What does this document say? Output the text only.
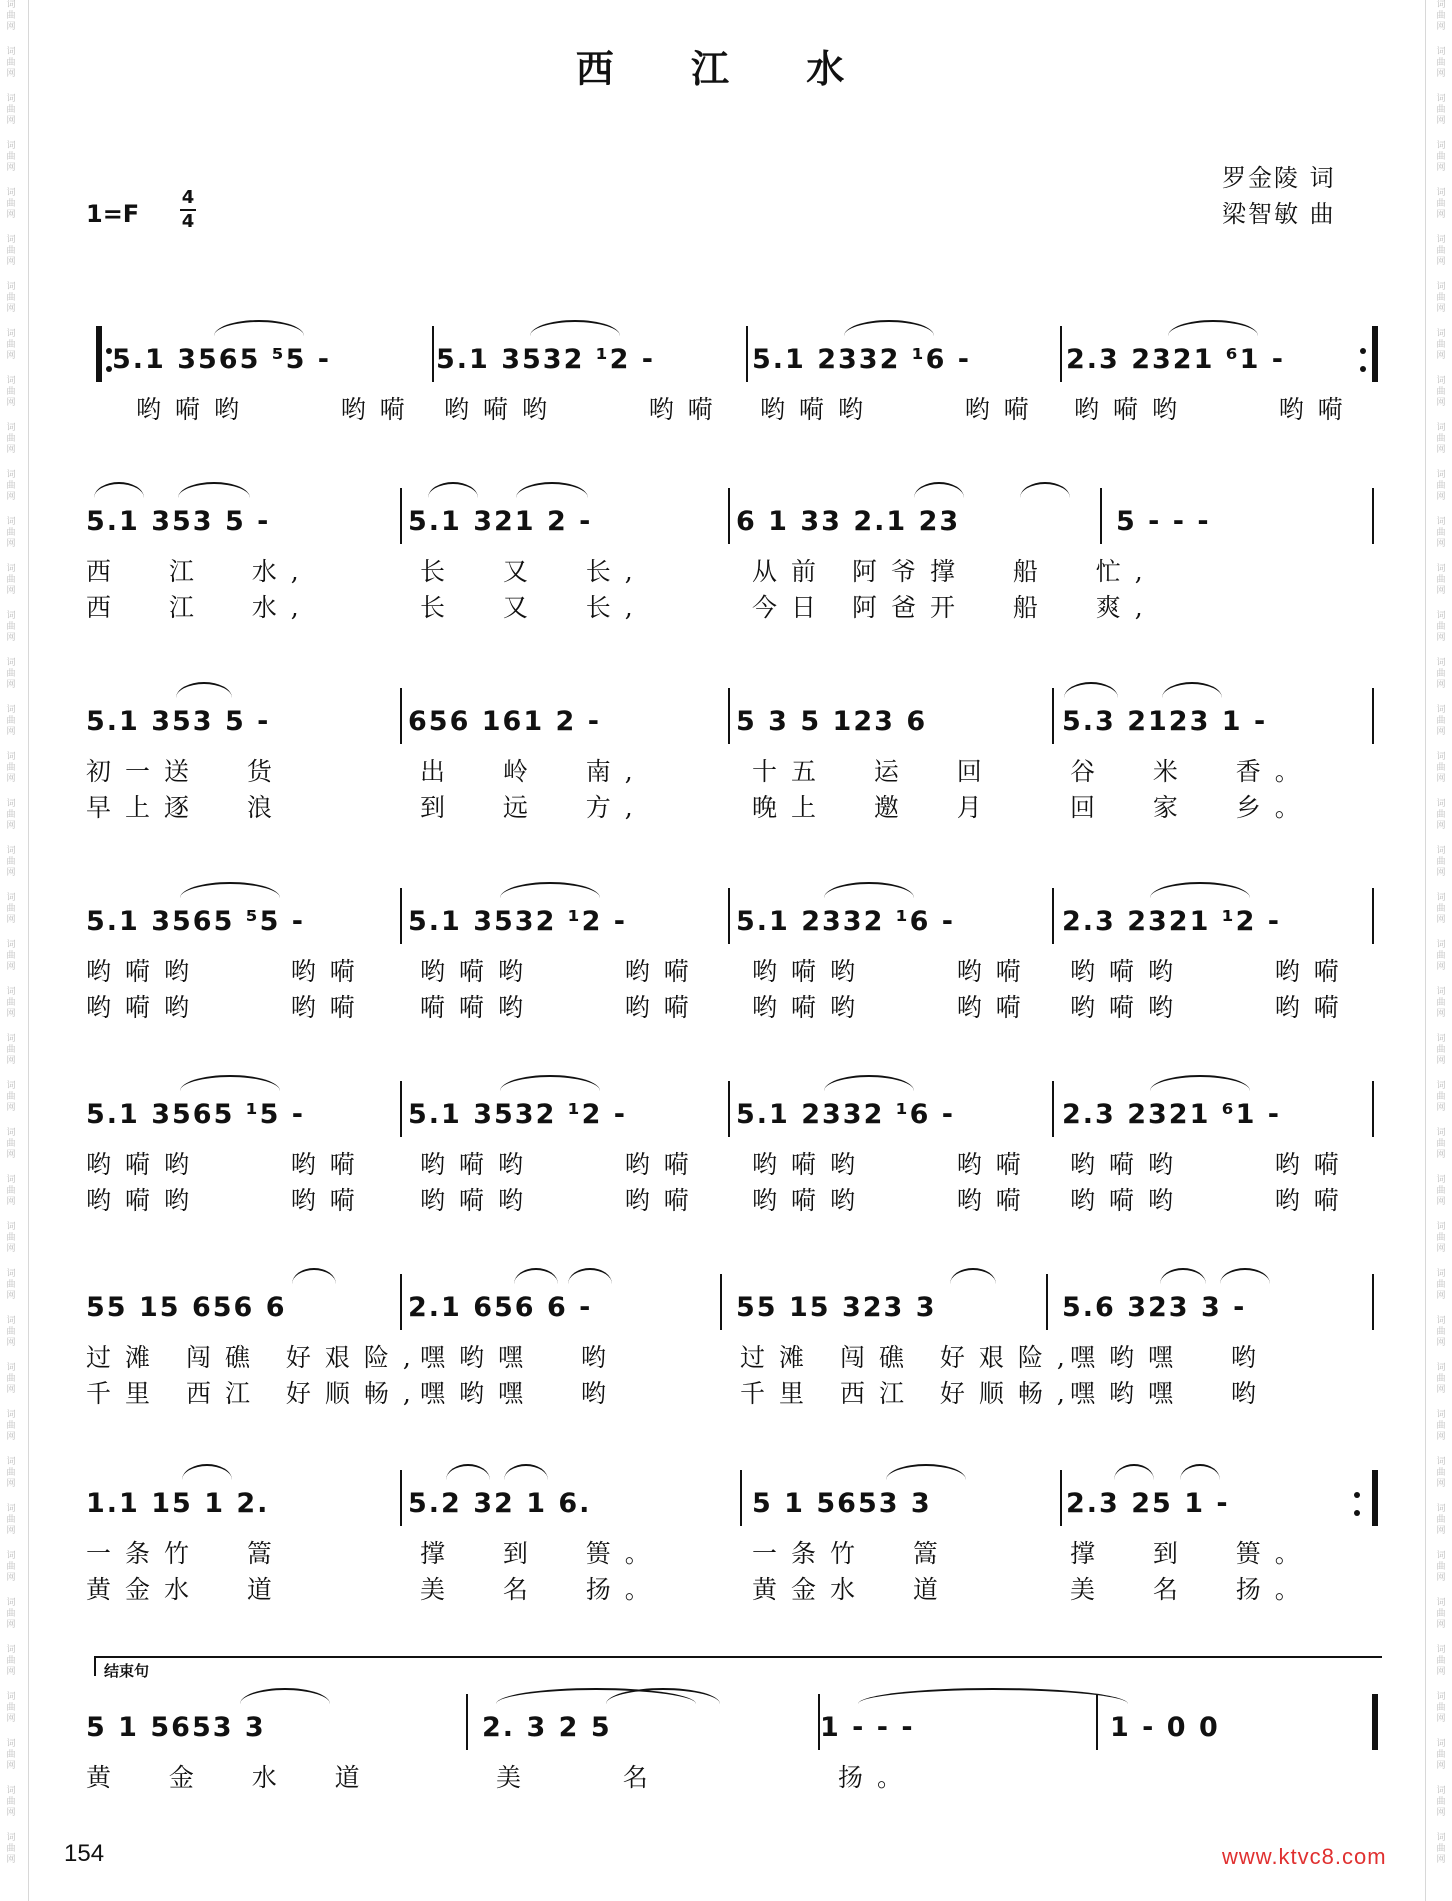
词
曲
网
词
曲
网
词
曲
网
词
曲
网
词
曲
网
词
曲
网
词
曲
网
词
曲
网
词
曲
网
词
曲
网
词
曲
网
词
曲
网
词
曲
网
词
曲
网
词
曲
网
词
曲
网
词
曲
网
词
曲
网
词
曲
网
词
曲
网
词
曲
网
词
曲
网
词
曲
网
词
曲
网
词
曲
网
词
曲
网
词
曲
网
词
曲
网
词
曲
网
词
曲
网
词
曲
网
词
曲
网
词
曲
网
词
曲
网
词
曲
网
词
曲
网
词
曲
网
词
曲
网
词
曲
网
词
曲
网
词
曲
网
词
曲
网
词
曲
网
词
曲
网
词
曲
网
词
曲
网
词
曲
网
词
曲
网
词
曲
网
词
曲
网
词
曲
网
词
曲
网
词
曲
网
词
曲
网
词
曲
网
词
曲
网
词
曲
网
词
曲
网
词
曲
网
词
曲
网
词
曲
网
词
曲
网
词
曲
网
词
曲
网
词
曲
网
词
曲
网
词
曲
网
词
曲
网
词
曲
网
词
曲
网
词
曲
网
词
曲
网
词
曲
网
词
曲
网
词
曲
网
词
曲
网
词
曲
网
词
曲
网
词
曲
网
词
曲
网
西 江 水
1=F
4
4
罗金陵 词
梁智敏 曲
5.1 3565 ⁵5 -	5.1 3532 ¹2 -	5.1 2332 ¹6 -	2.3 2321 ⁶1 -
哟嗬哟    哟嗬 哟嗬哟    哟嗬 哟嗬哟    哟嗬 哟嗬哟    哟嗬
5.1 353 5 -	5.1 321 2 -	6 1 33 2.1 23	5 - - -
西  江  水,	长  又  长,	从前 阿爷撑  船  忙,
西  江  水,	长  又  长,	今日 阿爸开  船  爽,
5.1 353 5 -	656 161 2 -	5 3 5 123 6	5.3 2123 1 -
初一送  货	出  岭  南,	十五  运  回	谷  米  香。
早上逐  浪	到  远  方,	晚上  邀  月	回  家  乡。
5.1 3565 ⁵5 -	5.1 3532 ¹2 -	5.1 2332 ¹6 -	2.3 2321 ¹2 -
哟嗬哟    哟嗬 哟嗬哟    哟嗬 哟嗬哟    哟嗬 哟嗬哟    哟嗬
哟嗬哟    哟嗬 嗬嗬哟    哟嗬 哟嗬哟    哟嗬 哟嗬哟    哟嗬
5.1 3565 ¹5 -	5.1 3532 ¹2 -	5.1 2332 ¹6 -	2.3 2321 ⁶1 -
哟嗬哟    哟嗬 哟嗬哟    哟嗬 哟嗬哟    哟嗬 哟嗬哟    哟嗬
哟嗬哟    哟嗬 哟嗬哟    哟嗬 哟嗬哟    哟嗬 哟嗬哟    哟嗬
55 15 656 6	2.1 656 6 -	55 15 323 3	5.6 323 3 -
过滩 闯礁 好艰险,
嘿哟嘿  哟	过滩 闯礁 好艰险,
嘿哟嘿  哟
千里 西江 好顺畅,
嘿哟嘿  哟	千里 西江 好顺畅,
嘿哟嘿  哟
1.1 15 1 2.	5.2 32 1 6.	5 1 5653 3	2.3 25 1 -
一条竹  篙	撑  到  篑。	一条竹  篙	撑  到  篑。
黄金水  道	美  名  扬。	黄金水  道	美  名  扬。
5 1 5653 3	2. 3 2 5	1 - - -	1 - 0 0
黄  金  水  道	美    名	扬。
结束句
154	www.ktvc8.com
